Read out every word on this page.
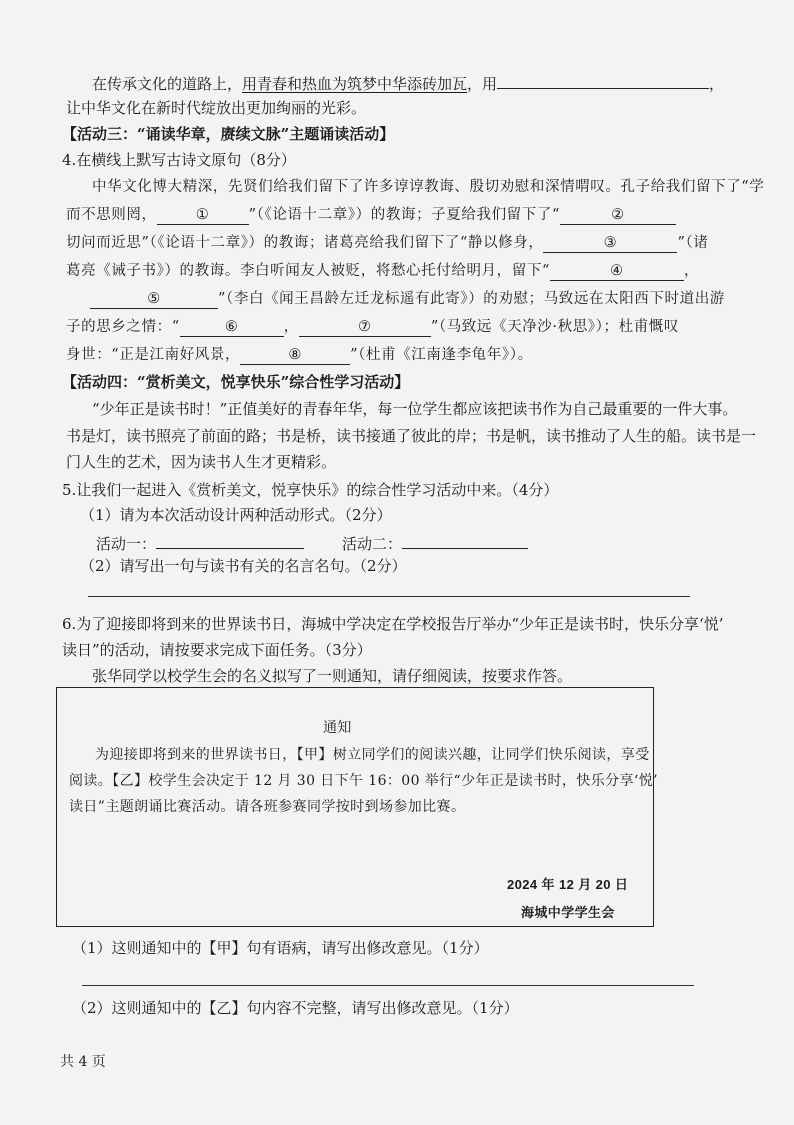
在传承文化的道路上，用青春和热血为筑梦中华添砖加瓦，用	，
让中华文化在新时代绽放出更加绚丽的光彩。
【活动三：“诵读华章，赓续文脉”主题诵读活动】
4.在横线上默写古诗文原句（8分）
中华文化博大精深，先贤们给我们留下了许多谆谆教诲、殷切劝慰和深情喟叹。孔子给我们留下了“学
而不思则罔，	①	”（《论语十二章》）的教诲；子夏给我们留下了“	②
切问而近思”（《论语十二章》）的教诲；诸葛亮给我们留下了“静以修身，	③	”（诸
葛亮《诫子书》）的教诲。李白听闻友人被贬，将愁心托付给明月，留下“	④	，
⑤	”（李白《闻王昌龄左迁龙标遥有此寄》）的劝慰；马致远在太阳西下时道出游
子的思乡之情：“	⑥	，	⑦	”（马致远《天净沙·秋思》）；杜甫慨叹
身世：“正是江南好风景，	⑧	”（杜甫《江南逢李龟年》）。
【活动四：“赏析美文，悦享快乐”综合性学习活动】
“少年正是读书时！”正值美好的青春年华，每一位学生都应该把读书作为自己最重要的一件大事。
书是灯，读书照亮了前面的路；书是桥，读书接通了彼此的岸；书是帆，读书推动了人生的船。读书是一
门人生的艺术，因为读书人生才更精彩。
5.让我们一起进入《赏析美文，悦享快乐》的综合性学习活动中来。（4分）
（1）请为本次活动设计两种活动形式。（2分）
活动一：	活动二：
（2）请写出一句与读书有关的名言名句。（2分）
6.为了迎接即将到来的世界读书日，海城中学决定在学校报告厅举办“少年正是读书时，快乐分享‘悦’
读日”的活动，请按要求完成下面任务。（3分）
张华同学以校学生会的名义拟写了一则通知，请仔细阅读，按要求作答。
通知
为迎接即将到来的世界读书日，【甲】树立同学们的阅读兴趣，让同学们快乐阅读，享受
阅读。【乙】校学生会决定于 12 月 30 日下午 16：00 举行“少年正是读书时，快乐分享‘悦’
读日”主题朗诵比赛活动。请各班参赛同学按时到场参加比赛。
2024 年 12 月 20 日
海城中学学生会
（1）这则通知中的【甲】句有语病，请写出修改意见。（1分）
（2）这则通知中的【乙】句内容不完整，请写出修改意见。（1分）
共 4 页
